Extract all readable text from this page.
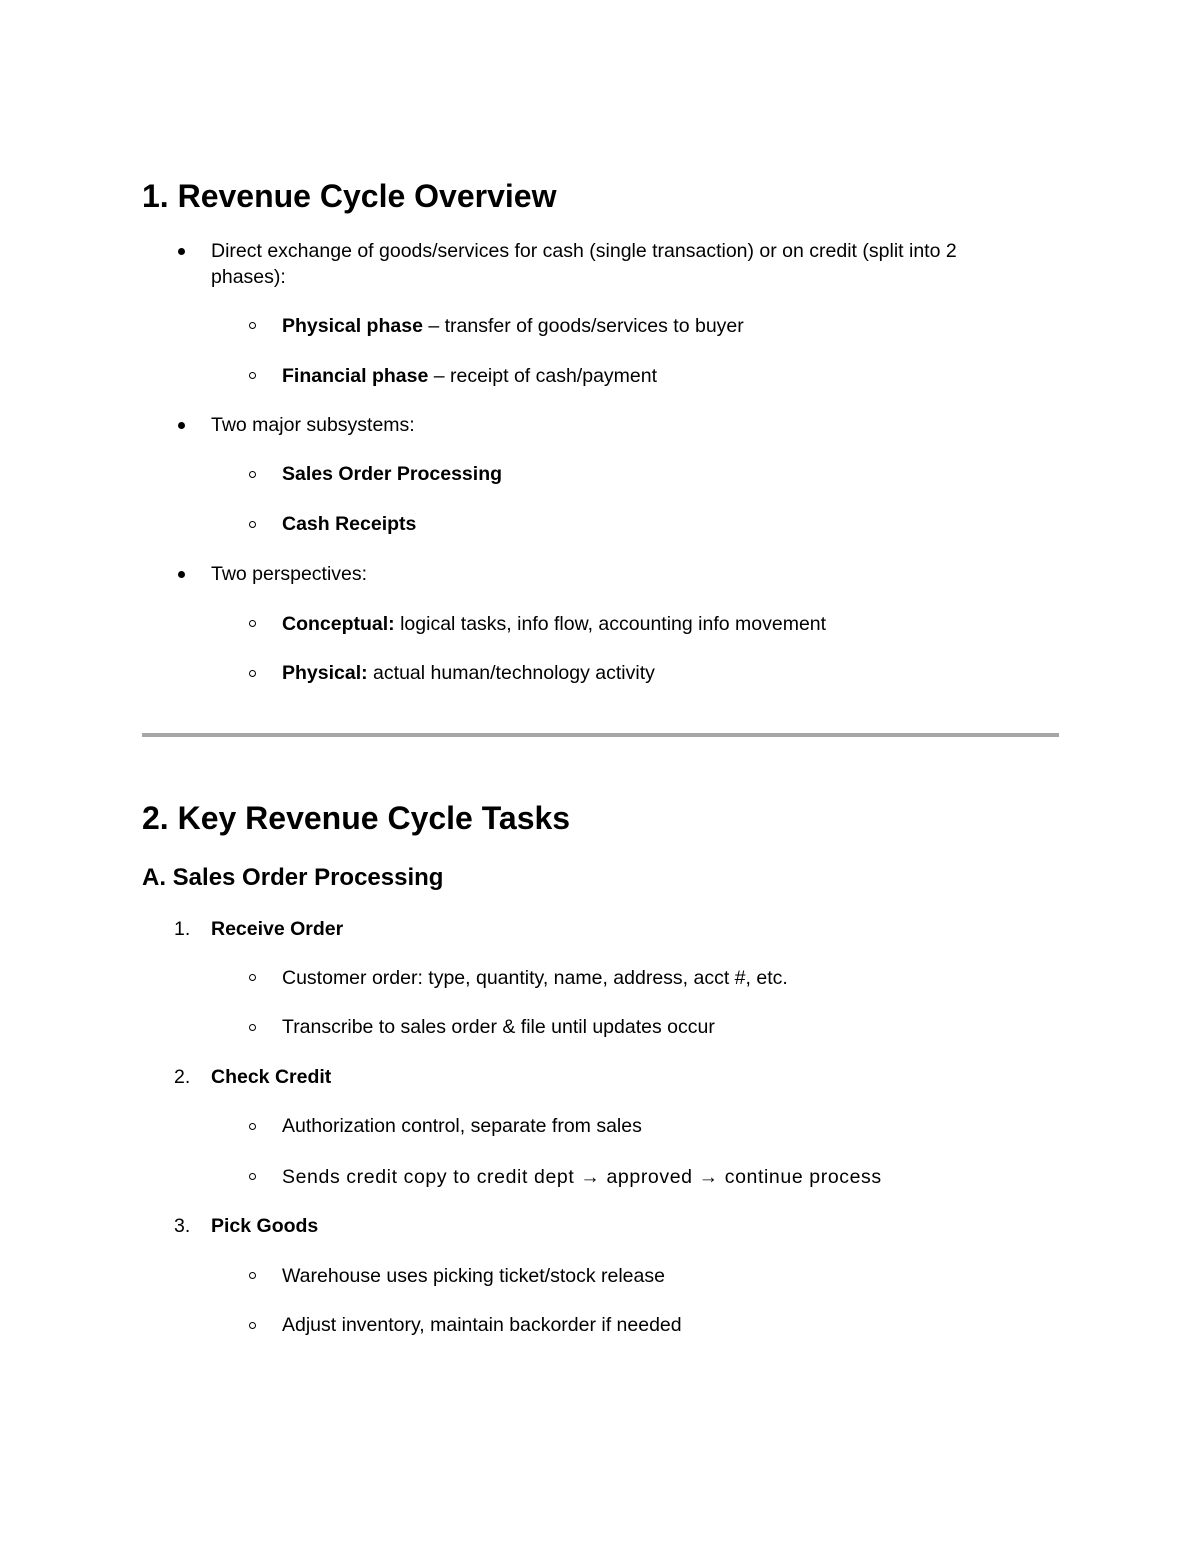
1. Revenue Cycle Overview
Direct exchange of goods/services for cash (single transaction) or on credit (split into 2
phases):
Physical phase – transfer of goods/services to buyer
Financial phase – receipt of cash/payment
Two major subsystems:
Sales Order Processing
Cash Receipts
Two perspectives:
Conceptual: logical tasks, info flow, accounting info movement
Physical: actual human/technology activity
2. Key Revenue Cycle Tasks
A. Sales Order Processing
1. Receive Order
Customer order: type, quantity, name, address, acct #, etc.
Transcribe to sales order & file until updates occur
2. Check Credit
Authorization control, separate from sales
Sends credit copy to credit dept → approved → continue process
3. Pick Goods
Warehouse uses picking ticket/stock release
Adjust inventory, maintain backorder if needed
